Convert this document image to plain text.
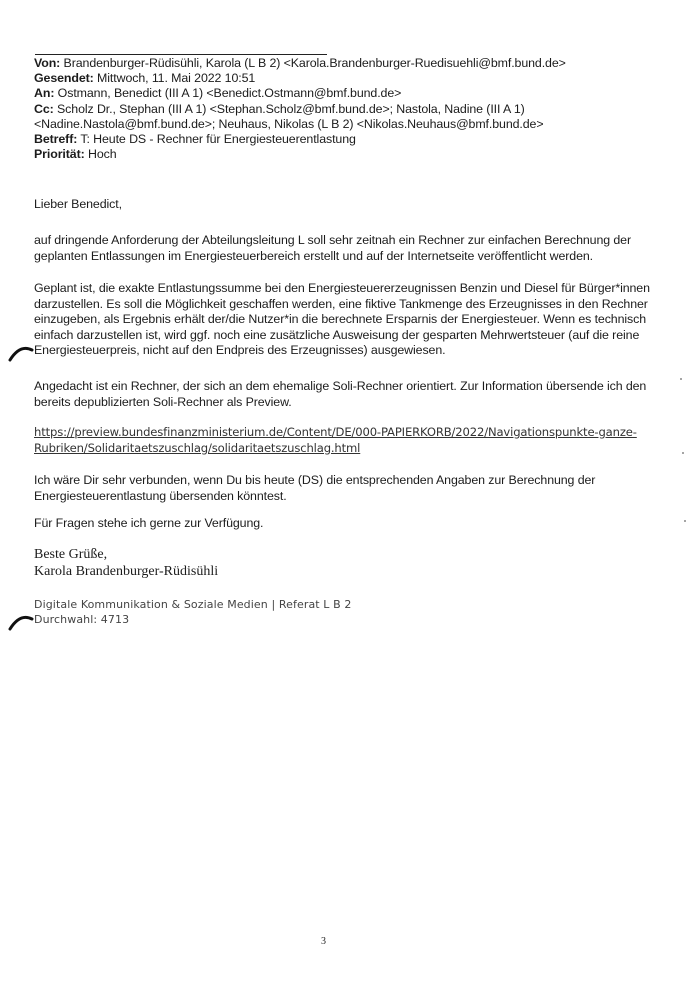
Von: Brandenburger-Rüdisühli, Karola (L B 2) <Karola.Brandenburger-Ruedisuehli@bmf.bund.de>
Gesendet: Mittwoch, 11. Mai 2022 10:51
An: Ostmann, Benedict (III A 1) <Benedict.Ostmann@bmf.bund.de>
Cc: Scholz Dr., Stephan (III A 1) <Stephan.Scholz@bmf.bund.de>; Nastola, Nadine (III A 1)
<Nadine.Nastola@bmf.bund.de>; Neuhaus, Nikolas (L B 2) <Nikolas.Neuhaus@bmf.bund.de>
Betreff: T: Heute DS - Rechner für Energiesteuerentlastung
Priorität: Hoch
Lieber Benedict,
auf dringende Anforderung der Abteilungsleitung L soll sehr zeitnah ein Rechner zur einfachen Berechnung der
geplanten Entlassungen im Energiesteuerbereich erstellt und auf der Internetseite veröffentlicht werden.
Geplant ist, die exakte Entlastungssumme bei den Energiesteuererzeugnissen Benzin und Diesel für Bürger*innen
darzustellen. Es soll die Möglichkeit geschaffen werden, eine fiktive Tankmenge des Erzeugnisses in den Rechner
einzugeben, als Ergebnis erhält der/die Nutzer*in die berechnete Ersparnis der Energiesteuer. Wenn es technisch
einfach darzustellen ist, wird ggf. noch eine zusätzliche Ausweisung der gesparten Mehrwertsteuer (auf die reine
Energiesteuerpreis, nicht auf den Endpreis des Erzeugnisses) ausgewiesen.
Angedacht ist ein Rechner, der sich an dem ehemalige Soli-Rechner orientiert. Zur Information übersende ich den
bereits depublizierten Soli-Rechner als Preview.
https://preview.bundesfinanzministerium.de/Content/DE/000-PAPIERKORB/2022/Navigationspunkte-ganze-
Rubriken/Solidaritaetszuschlag/solidaritaetszuschlag.html
Ich wäre Dir sehr verbunden, wenn Du bis heute (DS) die entsprechenden Angaben zur Berechnung der
Energiesteuerentlastung übersenden könntest.
Für Fragen stehe ich gerne zur Verfügung.
Beste Grüße,
Karola Brandenburger-Rüdisühli
Digitale Kommunikation & Soziale Medien | Referat L B 2
Durchwahl: 4713
3
